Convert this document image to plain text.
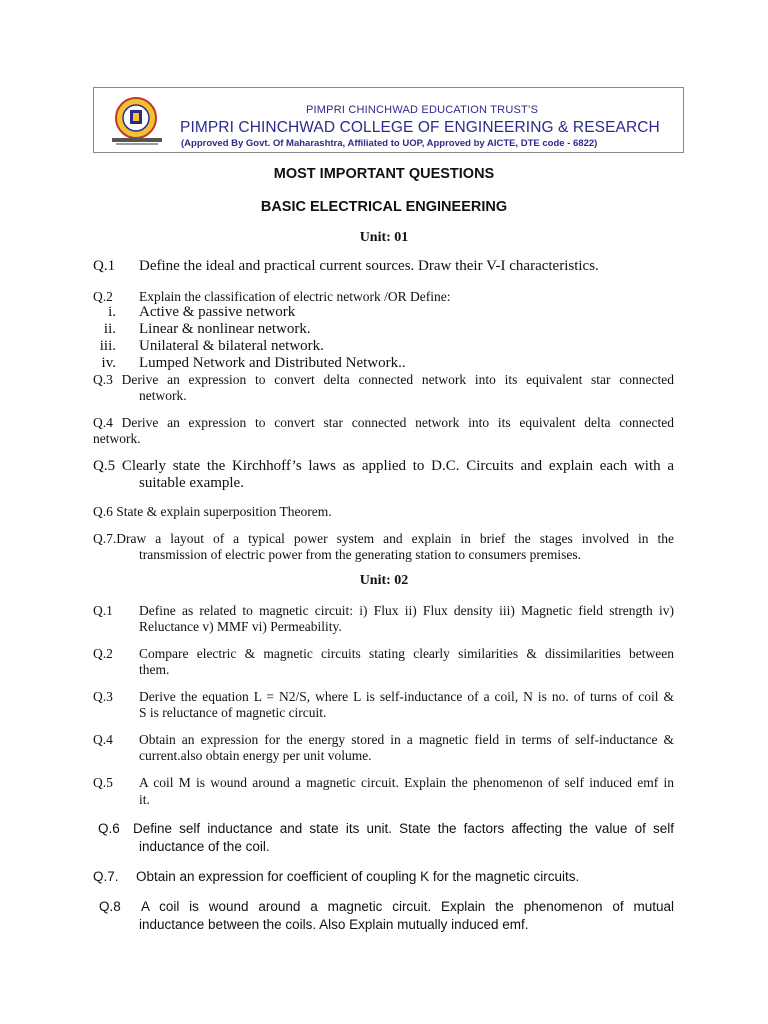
PIMPRI CHINCHWAD EDUCATION TRUST’S
PIMPRI CHINCHWAD COLLEGE OF ENGINEERING & RESEARCH
(Approved By Govt. Of Maharashtra, Affiliated to UOP, Approved by AICTE, DTE code - 6822)
MOST IMPORTANT QUESTIONS
BASIC ELECTRICAL ENGINEERING
Unit: 01
Q.1 Define the ideal and practical current sources. Draw their V-I characteristics.
Q.2 Explain the classification of electric network /OR Define:
i. Active & passive network
ii. Linear & nonlinear network.
iii. Unilateral & bilateral network.
iv. Lumped Network and Distributed Network..
Q.3 Derive an expression to convert delta connected network into its equivalent star connected
network.
Q.4 Derive an expression to convert star connected network into its equivalent delta connected
network.
Q.5 Clearly state the Kirchhoff’s laws as applied to D.C. Circuits and explain each with a
suitable example.
Q.6 State & explain superposition Theorem.
Q.7.Draw a layout of a typical power system and explain in brief the stages involved in the
transmission of electric power from the generating station to consumers premises.
Unit: 02
Q.1 Define as related to magnetic circuit: i) Flux ii) Flux density iii) Magnetic field strength iv)
Reluctance v) MMF vi) Permeability.
Q.2 Compare electric & magnetic circuits stating clearly similarities & dissimilarities between
them.
Q.3 Derive the equation L = N2/S, where L is self-inductance of a coil, N is no. of turns of coil &
S is reluctance of magnetic circuit.
Q.4 Obtain an expression for the energy stored in a magnetic field in terms of self-inductance &
current.also obtain energy per unit volume.
Q.5 A coil M is wound around a magnetic circuit. Explain the phenomenon of self induced emf in
it.
Q.6 Define self inductance and state its unit. State the factors affecting the value of self
inductance of the coil.
Q.7. Obtain an expression for coefficient of coupling K for the magnetic circuits.
Q.8 A coil is wound around a magnetic circuit. Explain the phenomenon of mutual
inductance between the coils. Also Explain mutually induced emf.
